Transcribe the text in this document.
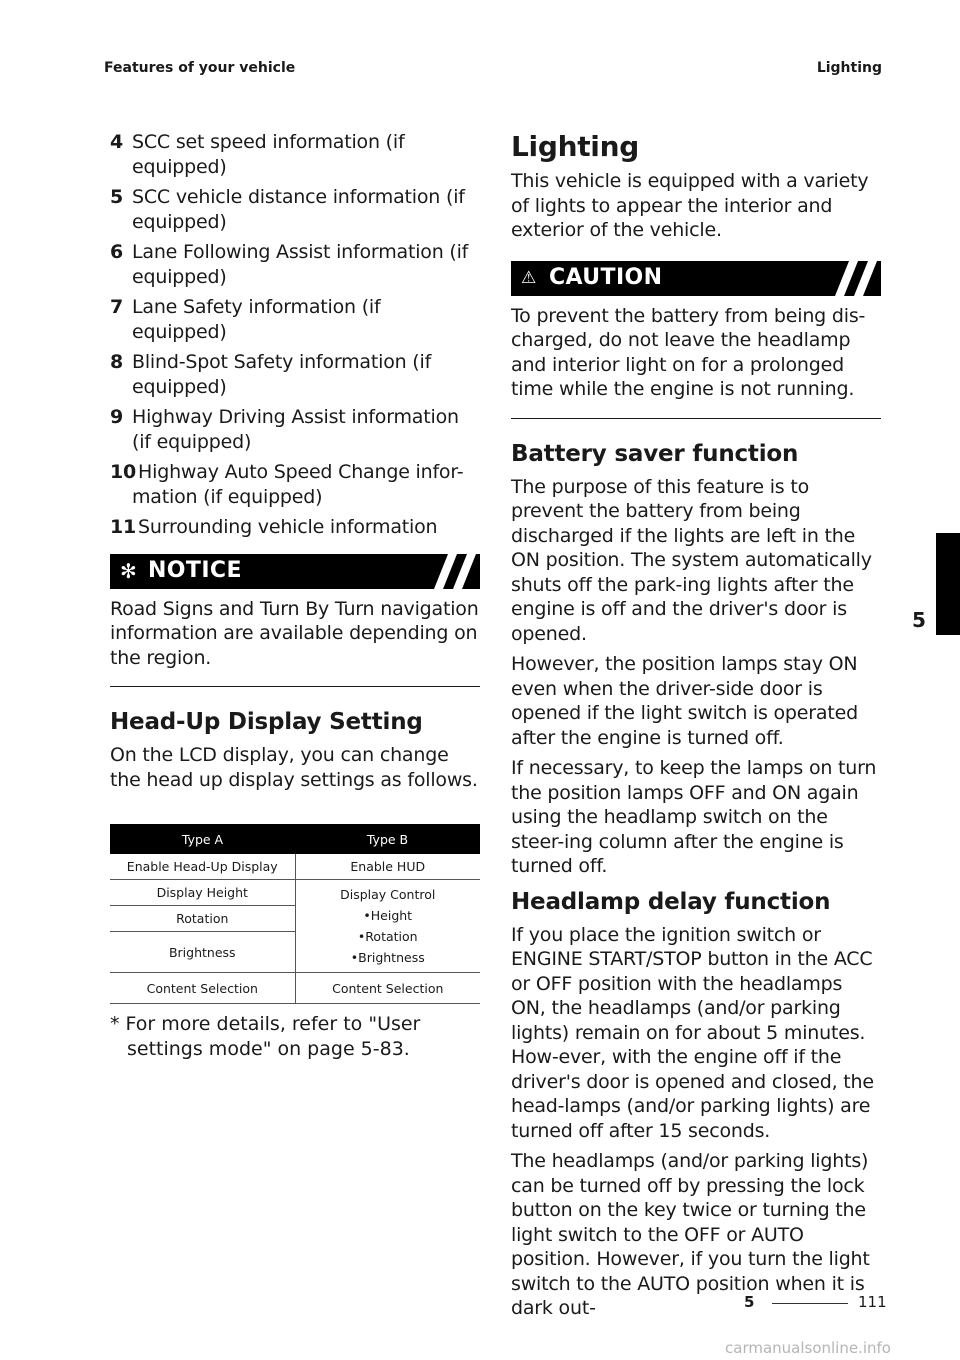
Features of your vehicle	Lighting
4 SCC set speed information (if equipped)
5 SCC vehicle distance information (if equipped)
6 Lane Following Assist information (if equipped)
7 Lane Safety information (if equipped)
8 Blind-Spot Safety information (if equipped)
9 Highway Driving Assist information (if equipped)
10 Highway Auto Speed Change infor-mation (if equipped)
11 Surrounding vehicle information
✻ NOTICE

Road Signs and Turn By Turn navigation information are available depending on the region.

Head-Up Display Setting

On the LCD display, you can change the head up display settings as follows.

Type A	Type B
Enable Head-Up Display	Enable HUD
Display Height	Display Control
•Height
•Rotation
•Brightness

Rotation	
Brightness	
Content Selection	Content Selection
* For more details, refer to "User settings mode" on page 5-83.
Lighting

This vehicle is equipped with a variety of lights to appear the interior and exterior of the vehicle.

⚠ CAUTION

To prevent the battery from being dis-charged, do not leave the headlamp and interior light on for a prolonged time while the engine is not running.

Battery saver function

The purpose of this feature is to prevent the battery from being discharged if the lights are left in the ON position. The system automatically shuts off the park-ing lights after the engine is off and the driver's door is opened.

However, the position lamps stay ON even when the driver-side door is opened if the light switch is operated after the engine is turned off.

If necessary, to keep the lamps on turn the position lamps OFF and ON again using the headlamp switch on the steer-ing column after the engine is turned off.

Headlamp delay function

If you place the ignition switch or ENGINE START/STOP button in the ACC or OFF position with the headlamps ON, the headlamps (and/or parking lights) remain on for about 5 minutes. How-ever, with the engine off if the driver's door is opened and closed, the head-lamps (and/or parking lights) are turned off after 15 seconds.

The headlamps (and/or parking lights) can be turned off by pressing the lock button on the key twice or turning the light switch to the OFF or AUTO position. However, if you turn the light switch to the AUTO position when it is dark out-

5
5	111
carmanualsonline.info
